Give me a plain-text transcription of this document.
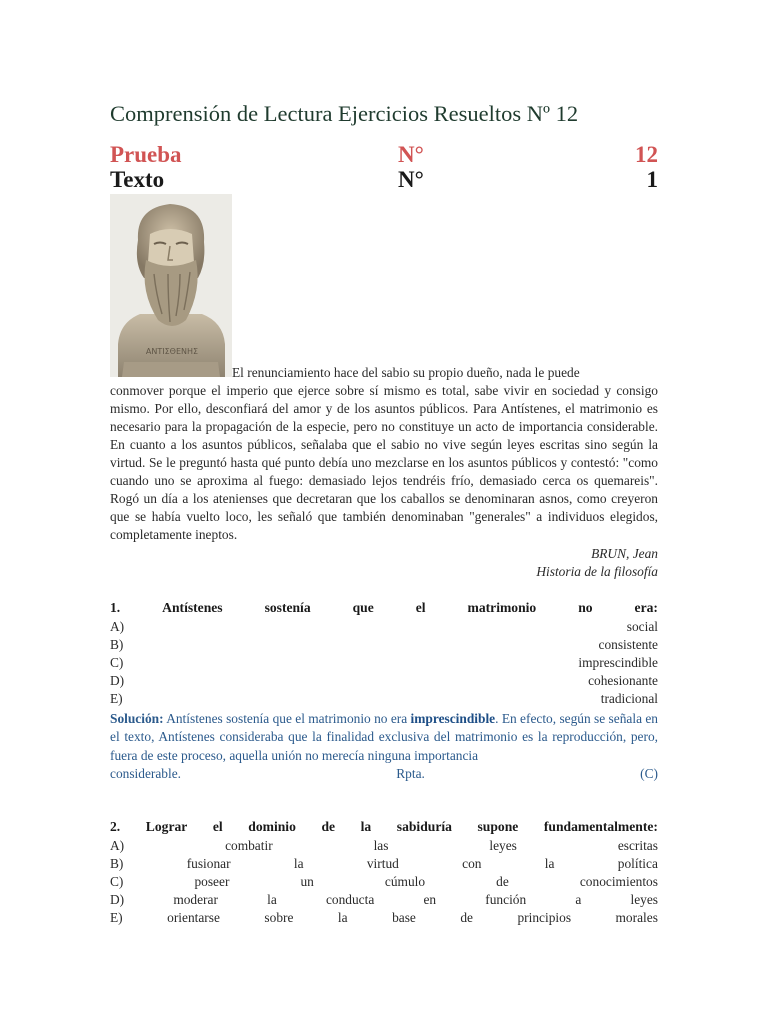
Comprensión de Lectura Ejercicios Resueltos Nº 12
Prueba	N°	12
Texto	N°	1
ANTIΣΘΕΝΗΣ
El renunciamiento hace del sabio su propio dueño, nada le puede
conmover porque el imperio que ejerce sobre sí mismo es total, sabe vivir en sociedad y consigo mismo. Por ello, desconfiará del amor y de los asuntos públicos. Para Antístenes, el matrimonio es necesario para la propagación de la especie, pero no constituye un acto de importancia considerable. En cuanto a los asuntos públicos, señalaba que el sabio no vive según leyes escritas sino según la virtud. Se le preguntó hasta qué punto debía uno mezclarse en los asuntos públicos y contestó: "como cuando uno se aproxima al fuego: demasiado lejos tendréis frío, demasiado cerca os quemareis". Rogó un día a los atenienses que decretaran que los caballos se denominaran asnos, como creyeron que se había vuelto loco, les señaló que también denominaban "generales" a individuos elegidos, completamente ineptos.
BRUN, Jean
Historia de la filosofía
1.	Antístenes	sostenía	que	el	matrimonio	no	era:
A)	social
B)	consistente
C)	imprescindible
D)	cohesionante
E)	tradicional
Solución: Antístenes sostenía que el matrimonio no era imprescindible. En efecto, según se señala en el texto, Antístenes consideraba que la finalidad exclusiva del matrimonio es la reproducción, pero, fuera de este proceso, aquella unión no merecía ninguna importancia
considerable.	Rpta.	(C)
2. Lograr el dominio de la sabiduría supone fundamentalmente:
A)	combatir	las	leyes	escritas
B)	fusionar	la	virtud	con	la	política
C)	poseer	un	cúmulo	de	conocimientos
D)	moderar	la	conducta	en	función	a	leyes
E)	orientarse	sobre	la	base	de	principios	morales
